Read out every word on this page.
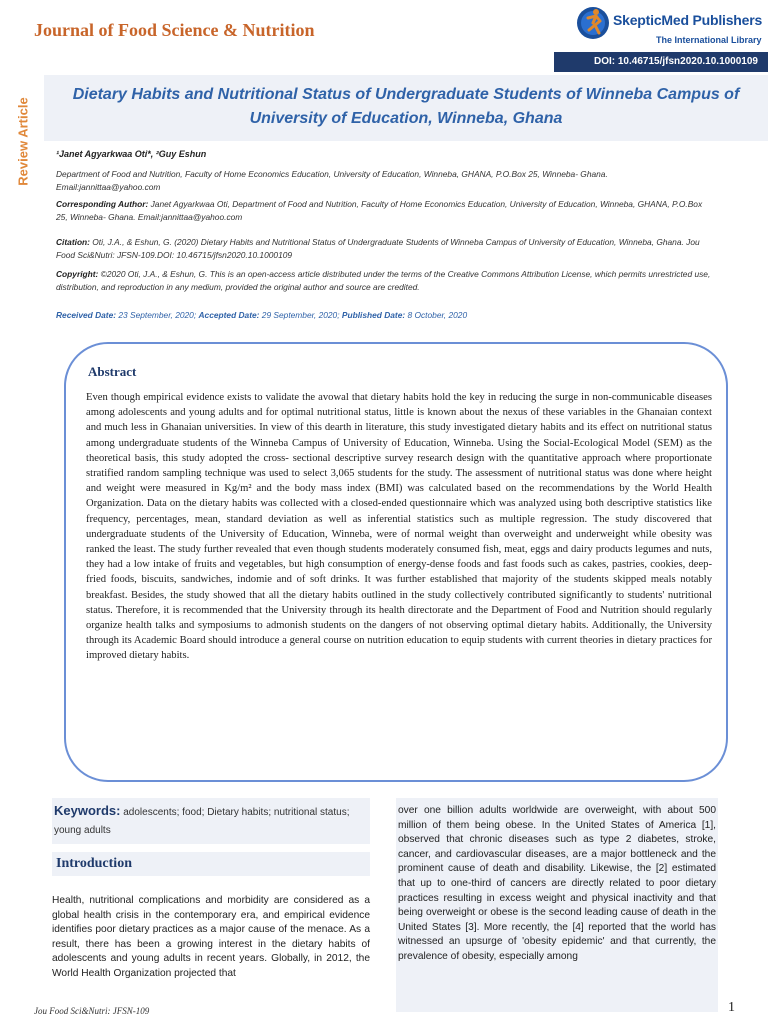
Journal of Food Science & Nutrition	SkepticMed Publishers
The International Library
DOI: 10.46715/jfsn2020.10.1000109
Review Article
Dietary Habits and Nutritional Status of Undergraduate Students of Winneba Campus of University of Education, Winneba, Ghana
¹Janet Agyarkwaa Oti*, ²Guy Eshun
Department of Food and Nutrition, Faculty of Home Economics Education, University of Education, Winneba, GHANA, P.O.Box 25, Winneba- Ghana. Email:jannittaa@yahoo.com
Corresponding Author: Janet Agyarkwaa Oti, Department of Food and Nutrition, Faculty of Home Economics Education, University of Education, Winneba, GHANA, P.O.Box 25, Winneba- Ghana. Email:jannittaa@yahoo.com
Citation: Oti, J.A., & Eshun, G. (2020) Dietary Habits and Nutritional Status of Undergraduate Students of Winneba Campus of University of Education, Winneba, Ghana. Jou Food Sci&Nutri: JFSN-109.DOI: 10.46715/jfsn2020.10.1000109
Copyright: ©2020 Oti, J.A., & Eshun, G. This is an open-access article distributed under the terms of the Creative Commons Attribution License, which permits unrestricted use, distribution, and reproduction in any medium, provided the original author and source are credited.
Received Date: 23 September, 2020; Accepted Date: 29 September, 2020; Published Date: 8 October, 2020
Abstract
Even though empirical evidence exists to validate the avowal that dietary habits hold the key in reducing the surge in non-communicable diseases among adolescents and young adults and for optimal nutritional status, little is known about the nexus of these variables in the Ghanaian context and much less in Ghanaian universities. In view of this dearth in literature, this study investigated dietary habits and its effect on nutritional status among undergraduate students of the Winneba Campus of University of Education, Winneba. Using the Social-Ecological Model (SEM) as the theoretical basis, this study adopted the cross- sectional descriptive survey research design with the quantitative approach where proportionate stratified random sampling technique was used to select 3,065 students for the study. The assessment of nutritional status was done where height and weight were measured in Kg/m² and the body mass index (BMI) was calculated based on the recommendations by the World Health Organization. Data on the dietary habits was collected with a closed-ended questionnaire which was analyzed using both descriptive statistics like frequency, percentages, mean, standard deviation as well as inferential statistics such as multiple regression. The study discovered that undergraduate students of the University of Education, Winneba, were of normal weight than overweight and underweight while obesity was ranked the least. The study further revealed that even though students moderately consumed fish, meat, eggs and dairy products legumes and nuts, they had a low intake of fruits and vegetables, but high consumption of energy-dense foods and fast foods such as cakes, pastries, cookies, deep-fried foods, biscuits, sandwiches, indomie and of soft drinks. It was further established that majority of the students skipped meals notably breakfast. Besides, the study showed that all the dietary habits outlined in the study collectively contributed significantly to students' nutritional status. Therefore, it is recommended that the University through its health directorate and the Department of Food and Nutrition should regularly organize health talks and symposiums to admonish students on the dangers of not observing optimal dietary habits. Additionally, the University through its Academic Board should introduce a general course on nutrition education to equip students with current theories in dietary practices for improved dietary habits.
Keywords: adolescents; food; Dietary habits; nutritional status; young adults
Introduction
Health, nutritional complications and morbidity are considered as a global health crisis in the contemporary era, and empirical evidence identifies poor dietary practices as a major cause of the menace. As a result, there has been a growing interest in the dietary habits of adolescents and young adults in recent years. Globally, in 2012, the World Health Organization projected that
over one billion adults worldwide are overweight, with about 500 million of them being obese. In the United States of America [1], observed that chronic diseases such as type 2 diabetes, stroke, cancer, and cardiovascular diseases, are a major bottleneck and the prominent cause of death and disability. Likewise, the [2] estimated that up to one-third of cancers are directly related to poor dietary practices resulting in excess weight and physical inactivity and that being overweight or obese is the second leading cause of death in the United States [3]. More recently, the [4] reported that the world has witnessed an upsurge of 'obesity epidemic' and that currently, the prevalence of obesity, especially among
Jou Food Sci&Nutri: JFSN-109	1
